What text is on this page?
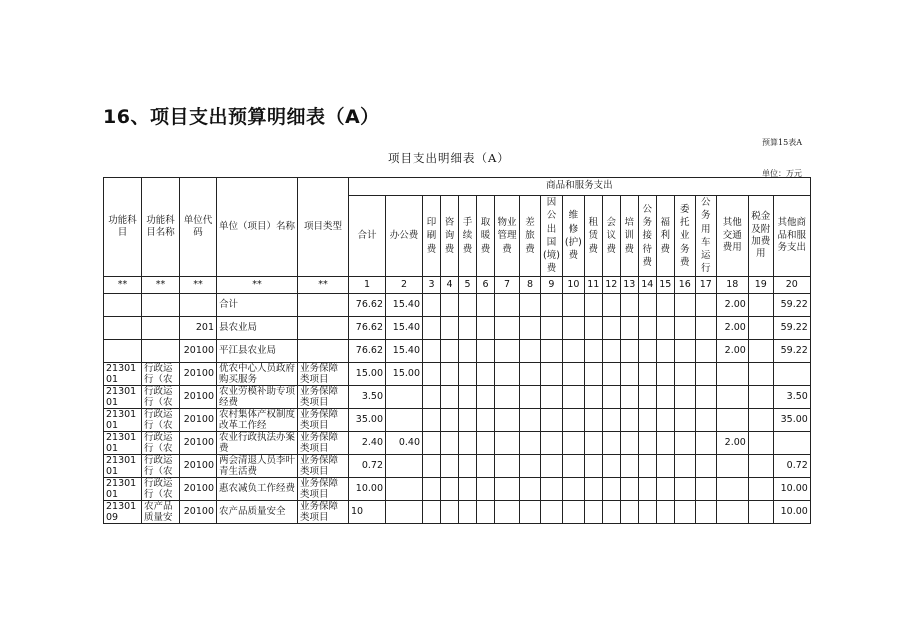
16、项目支出预算明细表（A）
预算15表A
项目支出明细表（A）
单位：万元
功能科目	功能科目名称	单位代码	单位（项目）名称	项目类型	商品和服务支出																			
					合计	办公费	印刷费	咨询费	手续费	取暖费	物业管理费	差旅费	因公出国(境)费	维修(护)费	租赁费	会议费	培训费	公务接待费	福利费	委托业务费	公务用车运行	其他交通费用	税金及附加费用	其他商品和服务支出
**	**	**	**	**	1	2	3	4	5	6	7	8	9	10	11	12	13	14	15	16	17	18	19	20
			合计		76.62	15.40																2.00		59.22
		201	县农业局		76.62	15.40																2.00		59.22
		20100	平江县农业局		76.62	15.40																2.00		59.22
21301 01	行政运行（农	20100	优农中心人员政府购买服务	业务保障类项目	15.00	15.00																		
21301 01	行政运行（农	20100	农业劳模补助专项经费	业务保障类项目	3.50																			3.50
21301 01	行政运行（农	20100	农村集体产权制度改革工作经	业务保障类项目	35.00																			35.00
21301 01	行政运行（农	20100	农业行政执法办案费	业务保障类项目	2.40	0.40																2.00		
21301 01	行政运行（农	20100	两会清退人员李叶青生活费	业务保障类项目	0.72																			0.72
21301 01	行政运行（农	20100	惠农减负工作经费	业务保障类项目	10.00																			10.00
21301 09	农产品质量安	20100	农产品质量安全	业务保障类项目	10																			10.00
